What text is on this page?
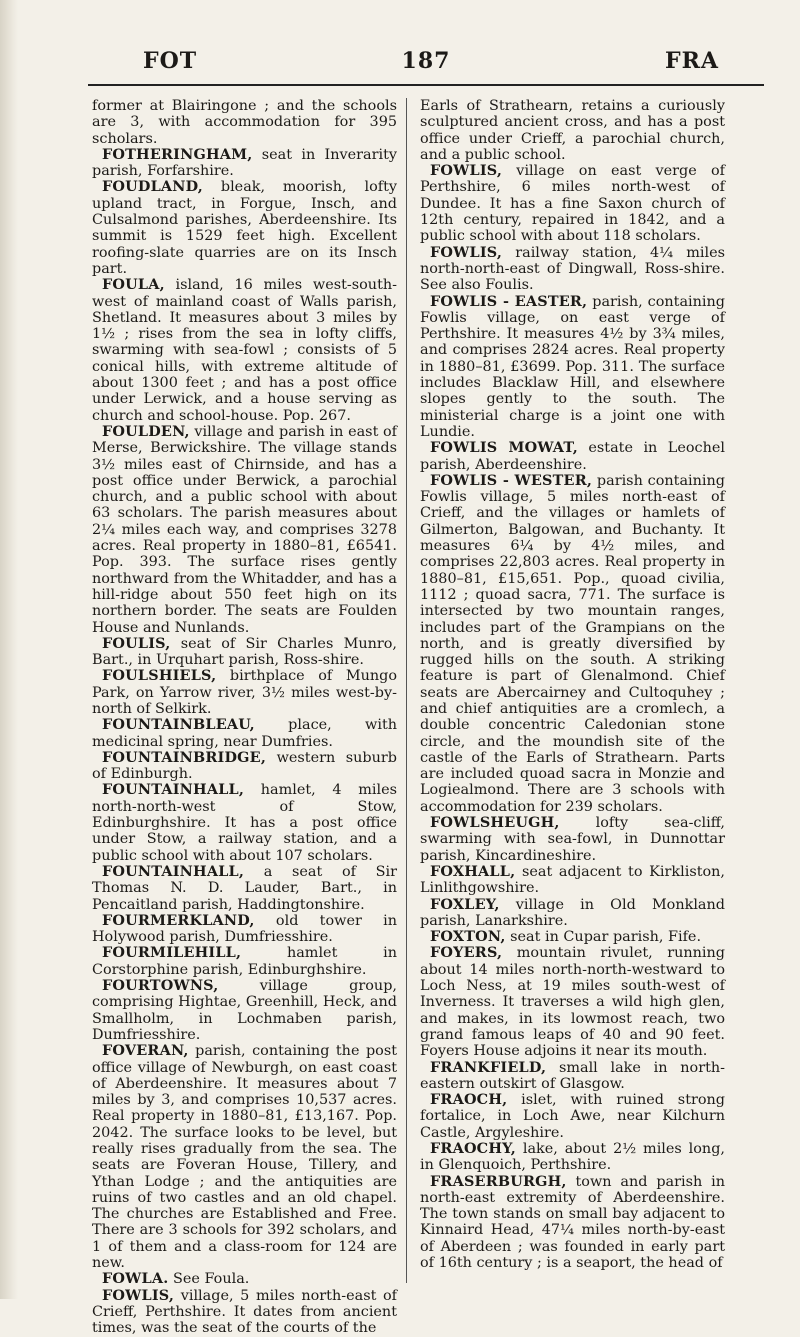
FOT	187	FRA

former at Blairingone ; and the schools are 3, with accommodation for 395 scholars.

FOTHERINGHAM, seat in Inverarity parish, Forfarshire.

FOUDLAND, bleak, moorish, lofty upland tract, in Forgue, Insch, and Culsalmond parishes, Aberdeenshire. Its summit is 1529 feet high. Excellent roofing-slate quarries are on its Insch part.

FOULA, island, 16 miles west-south-west of mainland coast of Walls parish, Shetland. It measures about 3 miles by 1½ ; rises from the sea in lofty cliffs, swarming with sea-fowl ; consists of 5 conical hills, with extreme altitude of about 1300 feet ; and has a post office under Lerwick, and a house serving as church and school-house. Pop. 267.

FOULDEN, village and parish in east of Merse, Berwickshire. The village stands 3½ miles east of Chirnside, and has a post office under Berwick, a parochial church, and a public school with about 63 scholars. The parish measures about 2¼ miles each way, and comprises 3278 acres. Real property in 1880–81, £6541. Pop. 393. The surface rises gently northward from the Whitadder, and has a hill-ridge about 550 feet high on its northern border. The seats are Foulden House and Nunlands.

FOULIS, seat of Sir Charles Munro, Bart., in Urquhart parish, Ross-shire.

FOULSHIELS, birthplace of Mungo Park, on Yarrow river, 3½ miles west-by-north of Selkirk.

FOUNTAINBLEAU, place, with medicinal spring, near Dumfries.

FOUNTAINBRIDGE, western suburb of Edinburgh.

FOUNTAINHALL, hamlet, 4 miles north-north-west of Stow, Edinburghshire. It has a post office under Stow, a railway station, and a public school with about 107 scholars.

FOUNTAINHALL, a seat of Sir Thomas N. D. Lauder, Bart., in Pencaitland parish, Haddingtonshire.

FOURMERKLAND, old tower in Holywood parish, Dumfriesshire.

FOURMILEHILL, hamlet in Corstorphine parish, Edinburghshire.

FOURTOWNS, village group, comprising Hightae, Greenhill, Heck, and Smallholm, in Lochmaben parish, Dumfriesshire.

FOVERAN, parish, containing the post office village of Newburgh, on east coast of Aberdeenshire. It measures about 7 miles by 3, and comprises 10,537 acres. Real property in 1880–81, £13,167. Pop. 2042. The surface looks to be level, but really rises gradually from the sea. The seats are Foveran House, Tillery, and Ythan Lodge ; and the antiquities are ruins of two castles and an old chapel. The churches are Established and Free. There are 3 schools for 392 scholars, and 1 of them and a class-room for 124 are new.

FOWLA. See Foula.

FOWLIS, village, 5 miles north-east of Crieff, Perthshire. It dates from ancient times, was the seat of the courts of the

Earls of Strathearn, retains a curiously sculptured ancient cross, and has a post office under Crieff, a parochial church, and a public school.

FOWLIS, village on east verge of Perthshire, 6 miles north-west of Dundee. It has a fine Saxon church of 12th century, repaired in 1842, and a public school with about 118 scholars.

FOWLIS, railway station, 4¼ miles north-north-east of Dingwall, Ross-shire. See also Foulis.

FOWLIS - EASTER, parish, containing Fowlis village, on east verge of Perthshire. It measures 4½ by 3¾ miles, and comprises 2824 acres. Real property in 1880–81, £3699. Pop. 311. The surface includes Blacklaw Hill, and elsewhere slopes gently to the south. The ministerial charge is a joint one with Lundie.

FOWLIS MOWAT, estate in Leochel parish, Aberdeenshire.

FOWLIS - WESTER, parish containing Fowlis village, 5 miles north-east of Crieff, and the villages or hamlets of Gilmerton, Balgowan, and Buchanty. It measures 6¼ by 4½ miles, and comprises 22,803 acres. Real property in 1880–81, £15,651. Pop., quoad civilia, 1112 ; quoad sacra, 771. The surface is intersected by two mountain ranges, includes part of the Grampians on the north, and is greatly diversified by rugged hills on the south. A striking feature is part of Glenalmond. Chief seats are Abercairney and Cultoquhey ; and chief antiquities are a cromlech, a double concentric Caledonian stone circle, and the moundish site of the castle of the Earls of Strathearn. Parts are included quoad sacra in Monzie and Logiealmond. There are 3 schools with accommodation for 239 scholars.

FOWLSHEUGH, lofty sea-cliff, swarming with sea-fowl, in Dunnottar parish, Kincardineshire.

FOXHALL, seat adjacent to Kirkliston, Linlithgowshire.

FOXLEY, village in Old Monkland parish, Lanarkshire.

FOXTON, seat in Cupar parish, Fife.

FOYERS, mountain rivulet, running about 14 miles north-north-westward to Loch Ness, at 19 miles south-west of Inverness. It traverses a wild high glen, and makes, in its lowmost reach, two grand famous leaps of 40 and 90 feet. Foyers House adjoins it near its mouth.

FRANKFIELD, small lake in north-eastern outskirt of Glasgow.

FRAOCH, islet, with ruined strong fortalice, in Loch Awe, near Kilchurn Castle, Argyleshire.

FRAOCHY, lake, about 2½ miles long, in Glenquoich, Perthshire.

FRASERBURGH, town and parish in north-east extremity of Aberdeenshire. The town stands on small bay adjacent to Kinnaird Head, 47¼ miles north-by-east of Aberdeen ; was founded in early part of 16th century ; is a seaport, the head of
